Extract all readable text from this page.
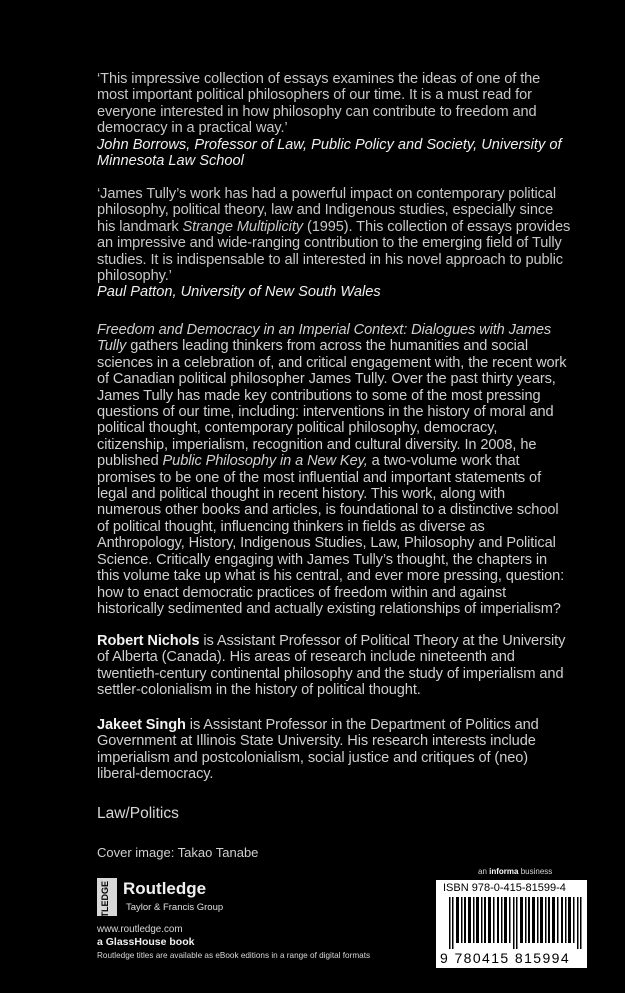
‘This impressive collection of essays examines the ideas of one of the most important political philosophers of our time. It is a must read for everyone interested in how philosophy can contribute to freedom and democracy in a practical way.’

John Borrows, Professor of Law, Public Policy and Society, University of Minnesota Law School

‘James Tully’s work has had a powerful impact on contemporary political philosophy, political theory, law and Indigenous studies, especially since his landmark Strange Multiplicity (1995). This collection of essays provides an impressive and wide-ranging contribution to the emerging field of Tully studies. It is indispensable to all interested in his novel approach to public philosophy.’

Paul Patton, University of New South Wales

Freedom and Democracy in an Imperial Context: Dialogues with James Tully gathers leading thinkers from across the humanities and social sciences in a celebration of, and critical engagement with, the recent work of Canadian political philosopher James Tully. Over the past thirty years, James Tully has made key contributions to some of the most pressing questions of our time, including: interventions in the history of moral and political thought, contemporary political philosophy, democracy, citizenship, imperialism, recognition and cultural diversity. In 2008, he published Public Philosophy in a New Key, a two-volume work that promises to be one of the most influential and important statements of legal and political thought in recent history. This work, along with numerous other books and articles, is foundational to a distinctive school of political thought, influencing thinkers in fields as diverse as Anthropology, History, Indigenous Studies, Law, Philosophy and Political Science. Critically engaging with James Tully’s thought, the chapters in this volume take up what is his central, and ever more pressing, question: how to enact democratic practices of freedom within and against historically sedimented and actually existing relationships of imperialism?

Robert Nichols is Assistant Professor of Political Theory at the University of Alberta (Canada). His areas of research include nineteenth and twentieth-century continental philosophy and the study of imperialism and settler-colonialism in the history of political thought.

Jakeet Singh is Assistant Professor in the Department of Politics and Government at Illinois State University. His research interests include imperialism and postcolonialism, social justice and critiques of (neo) liberal-democracy.

Law/Politics
Cover image: Takao Tanabe
ROUTLEDGE Routledge
Taylor & Francis Group
www.routledge.com
a GlassHouse book
Routledge titles are available as eBook editions in a range of digital formats
an informa business
ISBN 978-0-415-81599-4
9 780415 815994
